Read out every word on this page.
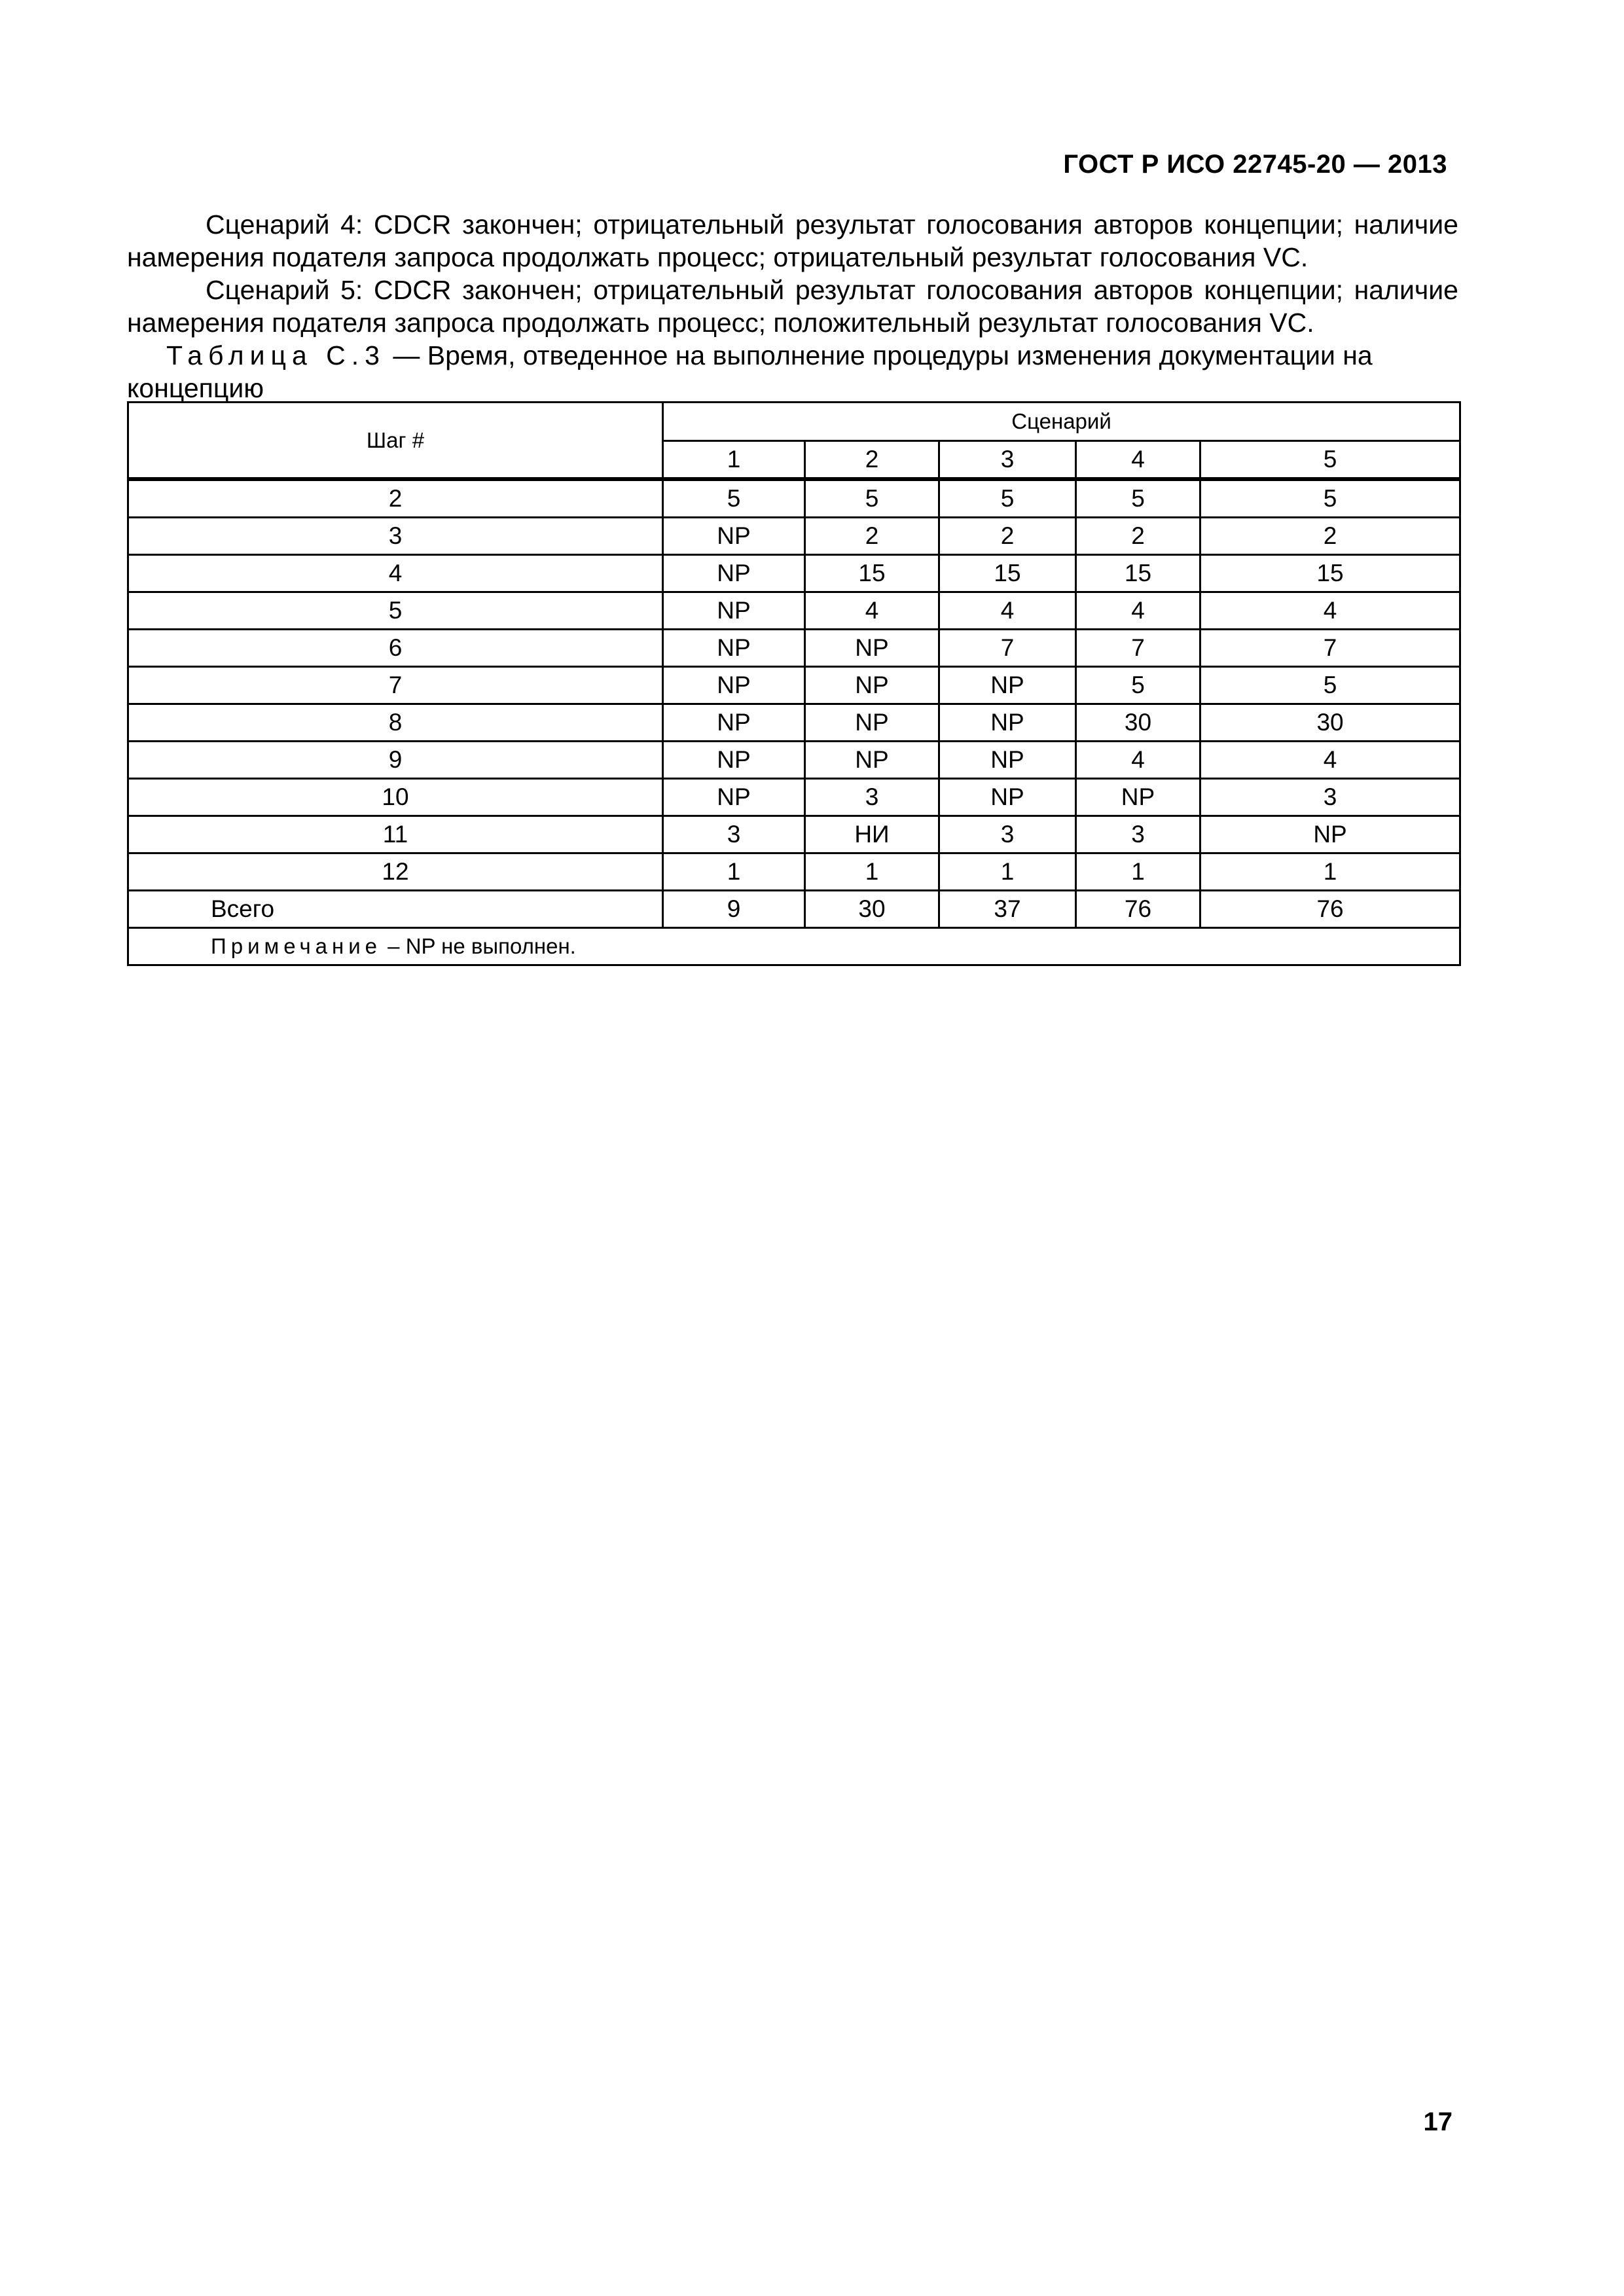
ГОСТ Р ИСО 22745-20 — 2013

Сценарий 4: CDCR закончен; отрицательный результат голосования авторов концепции; наличие намерения подателя запроса продолжать процесс; отрицательный результат голосования VC.

Сценарий 5: CDCR закончен; отрицательный результат голосования авторов концепции; наличие намерения подателя запроса продолжать процесс; положительный результат голосования VC.

Таблица С.3 — Время, отведенное на выполнение процедуры изменения документации на концепцию

Шаг #	Сценарий				
	1	2	3	4	5
2	5	5	5	5	5
3	NP	2	2	2	2
4	NP	15	15	15	15
5	NP	4	4	4	4
6	NP	NP	7	7	7
7	NP	NP	NP	5	5
8	NP	NP	NP	30	30
9	NP	NP	NP	4	4
10	NP	3	NP	NP	3
11	3	НИ	3	3	NP
12	1	1	1	1	1
Всего	9	30	37	76	76
Примечание – NP не выполнен.					
17
